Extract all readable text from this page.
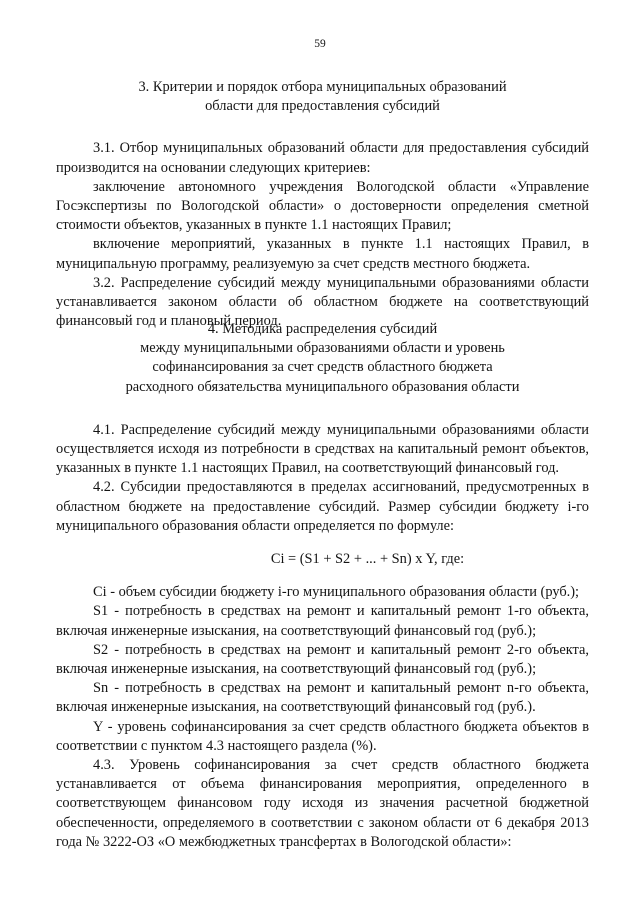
59
3. Критерии и порядок отбора муниципальных образований
области для предоставления субсидий
3.1. Отбор муниципальных образований области для предоставления субсидий производится на основании следующих критериев:
заключение автономного учреждения Вологодской области «Управление Госэкспертизы по Вологодской области» о достоверности определения сметной стоимости объектов, указанных в пункте 1.1 настоящих Правил;
включение мероприятий, указанных в пункте 1.1 настоящих Правил, в муниципальную программу, реализуемую за счет средств местного бюджета.
3.2. Распределение субсидий между муниципальными образованиями области устанавливается законом области об областном бюджете на соответствующий финансовый год и плановый период.
4. Методика распределения субсидий
между муниципальными образованиями области и уровень
софинансирования за счет средств областного бюджета
расходного обязательства муниципального образования области
4.1. Распределение субсидий между муниципальными образованиями области осуществляется исходя из потребности в средствах на капитальный ремонт объектов, указанных в пункте 1.1 настоящих Правил, на соответствующий финансовый год.
4.2. Субсидии предоставляются в пределах ассигнований, предусмотренных в областном бюджете на предоставление субсидий. Размер субсидии бюджету i-го муниципального образования области определяется по формуле:
Ci = (S1 + S2 + ... + Sn) x Y, где:
Ci - объем субсидии бюджету i-го муниципального образования области (руб.);
S1 - потребность в средствах на ремонт и капитальный ремонт 1-го объекта, включая инженерные изыскания, на соответствующий финансовый год (руб.);
S2 - потребность в средствах на ремонт и капитальный ремонт 2-го объекта, включая инженерные изыскания, на соответствующий финансовый год (руб.);
Sn - потребность в средствах на ремонт и капитальный ремонт n-го объекта, включая инженерные изыскания, на соответствующий финансовый год (руб.).
Y - уровень софинансирования за счет средств областного бюджета объектов в соответствии с пунктом 4.3 настоящего раздела (%).
4.3. Уровень софинансирования за счет средств областного бюджета устанавливается от объема финансирования мероприятия, определенного в соответствующем финансовом году исходя из значения расчетной бюджетной обеспеченности, определяемого в соответствии с законом области от 6 декабря 2013 года № 3222-ОЗ «О межбюджетных трансфертах в Вологодской области»:
